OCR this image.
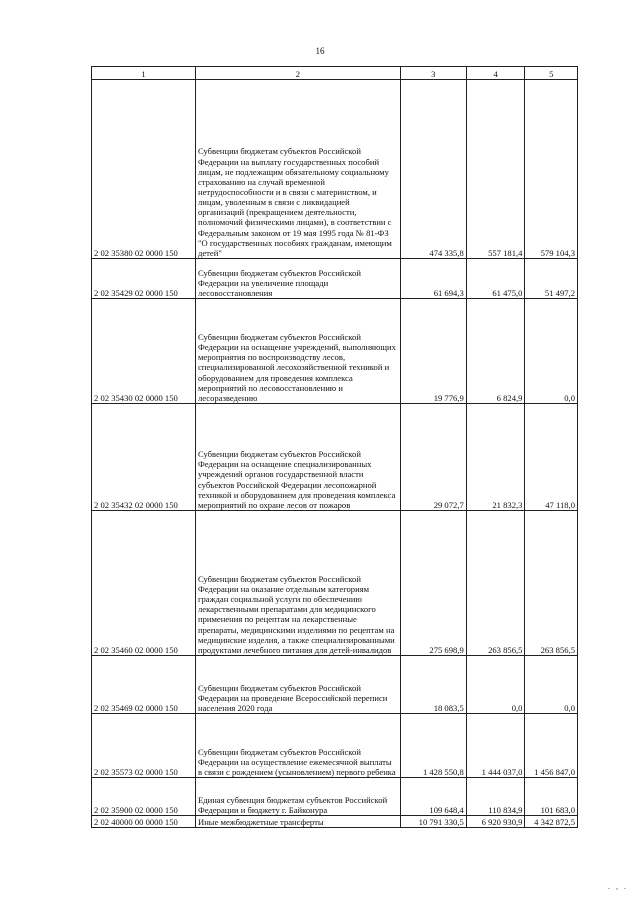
16
1	2	3	4	5
2 02 35380 02 0000 150	Субвенции бюджетам субъектов Российской Федерации на выплату государственных пособий лицам, не подлежащим обязательному социальному страхованию на случай временной нетрудоспособности и в связи с материнством, и лицам, уволенным в связи с ликвидацией организаций (прекращением деятельности, полномочий физическими лицами), в соответствии с Федеральным законом от 19 мая 1995 года № 81-ФЗ "О государственных пособиях гражданам, имеющим детей"	474 335,8	557 181,4	579 104,3
2 02 35429 02 0000 150	Субвенции бюджетам субъектов Российской Федерации на увеличение площади лесовосстановления	61 694,3	61 475,0	51 497,2
2 02 35430 02 0000 150	Субвенции бюджетам субъектов Российской Федерации на оснащение учреждений, выполняющих мероприятия по воспроизводству лесов, специализированной лесохозяйственной техникой и оборудованием для проведения комплекса мероприятий по лесовосстановлению и лесоразведению	19 776,9	6 824,9	0,0
2 02 35432 02 0000 150	Субвенции бюджетам субъектов Российской Федерации на оснащение специализированных учреждений органов государственной власти субъектов Российской Федерации лесопожарной техникой и оборудованием для проведения комплекса мероприятий по охране лесов от пожаров	29 072,7	21 832,3	47 118,0
2 02 35460 02 0000 150	Субвенции бюджетам субъектов Российской Федерации на оказание отдельным категориям граждан социальной услуги по обеспечению лекарственными препаратами для медицинского применения по рецептам на лекарственные препараты, медицинскими изделиями по рецептам на медицинские изделия, а также специализированными продуктами лечебного питания для детей-инвалидов	275 698,9	263 856,5	263 856,5
2 02 35469 02 0000 150	Субвенции бюджетам субъектов Российской Федерации на проведение Всероссийской переписи населения 2020 года	18 083,5	0,0	0,0
2 02 35573 02 0000 150	Субвенции бюджетам субъектов Российской Федерации на осуществление ежемесячной выплаты в связи с рождением (усыновлением) первого ребенка	1 428 550,8	1 444 037,0	1 456 847,0
2 02 35900 02 0000 150	Единая субвенция бюджетам субъектов Российской Федерации и бюджету г. Байконура	109 648,4	110 834,9	101 683,0
2 02 40000 00 0000 150	Иные межбюджетные трансферты	10 791 330,5	6 920 930,9	4 342 872,5
. , .
